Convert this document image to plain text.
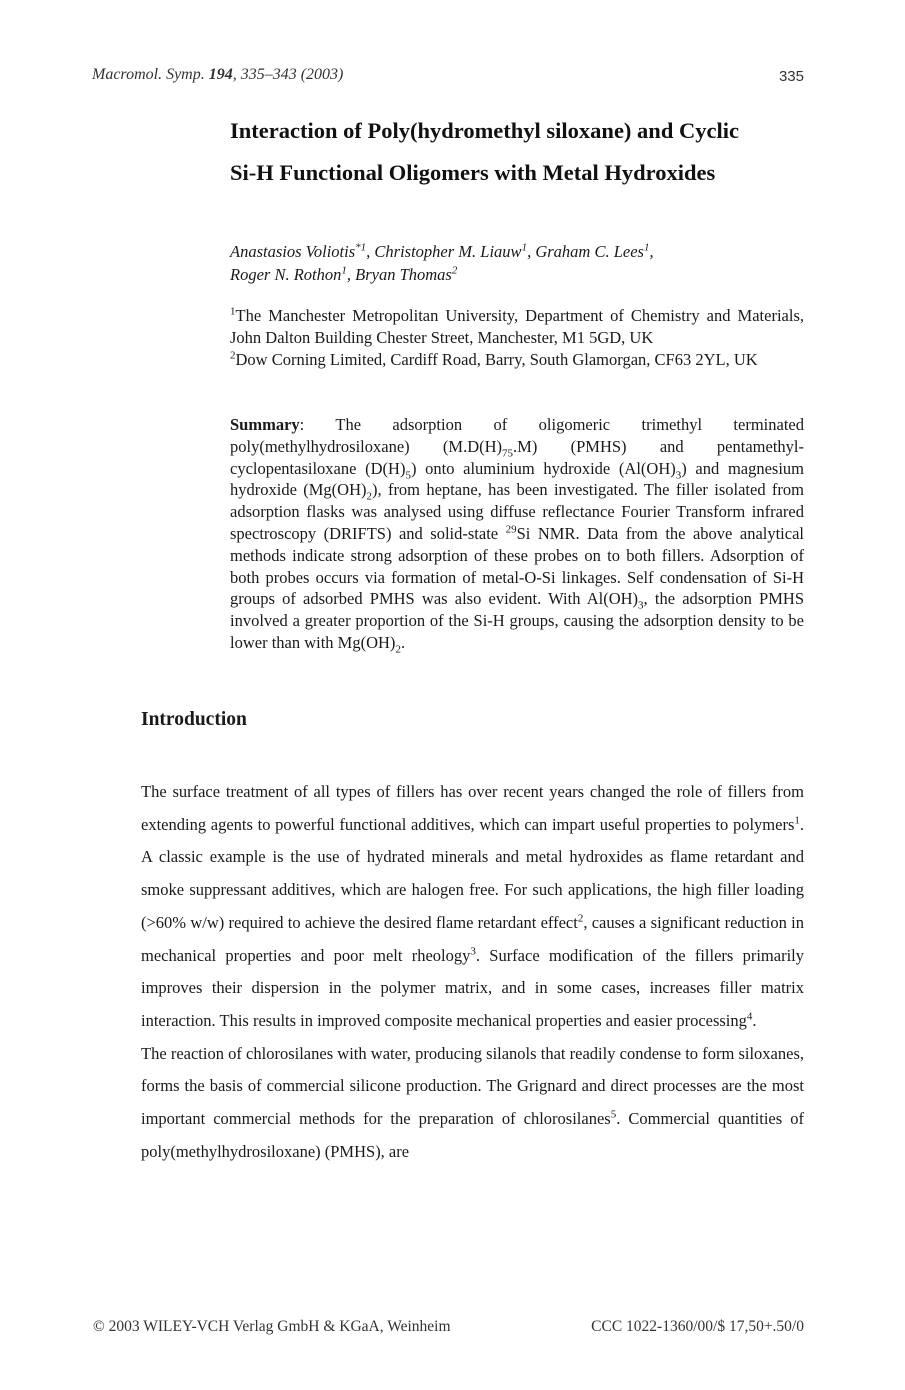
Macromol. Symp. 194, 335–343 (2003)	335
Interaction of Poly(hydromethyl siloxane) and Cyclic
Si-H Functional Oligomers with Metal Hydroxides
Anastasios Voliotis$^{*1}$, Christopher M. Liauw$^1$, Graham C. Lees$^1$,
Roger N. Rothon$^1$, Bryan Thomas$^2$
$^1$The Manchester Metropolitan University, Department of Chemistry and Materials, John Dalton Building Chester Street, Manchester, M1 5GD, UK
$^2$Dow Corning Limited, Cardiff Road, Barry, South Glamorgan, CF63 2YL, UK
Summary: The adsorption of oligomeric trimethyl terminated poly(methylhydrosiloxane) $(M.D(H)_{75}.M)$ (PMHS) and pentamethyl-cyclopentasiloxane $(D(H)_5)$ onto aluminium hydroxide $(Al(OH)_3)$ and magnesium hydroxide $(Mg(OH)_2)$, from heptane, has been investigated. The filler isolated from adsorption flasks was analysed using diffuse reflectance Fourier Transform infrared spectroscopy (DRIFTS) and solid-state $^{29}$Si NMR. Data from the above analytical methods indicate strong adsorption of these probes on to both fillers. Adsorption of both probes occurs via formation of metal-O-Si linkages. Self condensation of Si-H groups of adsorbed PMHS was also evident. With $Al(OH)_3$, the adsorption PMHS involved a greater proportion of the Si-H groups, causing the adsorption density to be lower than with $Mg(OH)_2$.
Introduction

The surface treatment of all types of fillers has over recent years changed the role of fillers from extending agents to powerful functional additives, which can impart useful properties to polymers$^1$. A classic example is the use of hydrated minerals and metal hydroxides as flame retardant and smoke suppressant additives, which are halogen free. For such applications, the high filler loading (>60% w/w) required to achieve the desired flame retardant effect$^2$, causes a significant reduction in mechanical properties and poor melt rheology$^3$. Surface modification of the fillers primarily improves their dispersion in the polymer matrix, and in some cases, increases filler matrix interaction. This results in improved composite mechanical properties and easier processing$^4$.

The reaction of chlorosilanes with water, producing silanols that readily condense to form siloxanes, forms the basis of commercial silicone production. The Grignard and direct processes are the most important commercial methods for the preparation of chlorosilanes$^5$. Commercial quantities of poly(methylhydrosiloxane) (PMHS), are

© 2003 WILEY-VCH Verlag GmbH & KGaA, Weinheim	CCC 1022-1360/00/$ 17,50+.50/0
